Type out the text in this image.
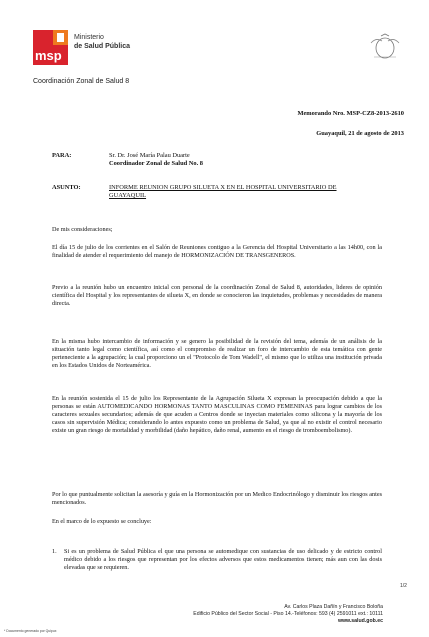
msp
Ministerio
de Salud Pública
Coordinación Zonal de Salud 8
Memorando Nro. MSP-CZ8-2013-2610
Guayaquil, 21 de agosto de 2013
PARA:	Sr. Dr. José María Palau Duarte
Coordinador Zonal de Salud No. 8
ASUNTO:	INFORME REUNION GRUPO SILUETA X EN EL HOSPITAL UNIVERSITARIO DE GUAYAQUIL

De mis consideraciones;

El día 15 de julio de los corrientes en el Salón de Reuniones contiguo a la Gerencia del Hospital Universitario a las 14h00, con la finalidad de atender el requerimiento del manejo de HORMONIZACIÓN DE TRANSGENEROS.

Previo a la reunión hubo un encuentro inicial con personal de la coordinación Zonal de Salud 8, autoridades, lideres de opinión científica del Hospital y los representantes de silueta X, en donde se conocieron las inquietudes, problemas y necesidades de manera directa.

En la misma hubo intercambio de información y se genero la posibilidad de la revisión del tema, además de un análisis de la situación tanto legal como científica, así como el compromiso de realizar un foro de intercambio de esta temática con gente perteneciente a la agrupación; la cual proporciono un el "Protocolo de Tom Wadell", el mismo que lo utiliza una institución privada en los Estados Unidos de Norteamérica.

En la reunión sostenida el 15 de julio los Representante de la Agrupación Silueta X expresan la preocupación debido a que la personas se están AUTOMEDICANDO HORMONAS TANTO MASCULINAS COMO FEMENINAS para lograr cambios de los caracteres sexuales secundarios; además de que acuden a Centros donde se inyectan materiales como silicona y la mayoría de los casos sin supervisión Médica; considerando lo antes expuesto como un problema de Salud, ya que al no existir el control necesario existe un gran riesgo de mortalidad y morbilidad (daño hepático, daño renal, aumento en el riesgo de tromboembolismo).

Por lo que puntualmente solicitan la asesoría y guía en la Hormonización por un Medico Endocrinólogo y disminuir los riesgos antes mencionados.

En el marco de lo expuesto se concluye:

1. Si es un problema de Salud Pública el que una persona se automedique con sustancias de uso delicado y de estricto control médico debido a los riesgos que representan por los efectos adversos que estos medicamentos tienen; más aun con las dosis elevadas que se requieren.
1/2
Av. Carlos Plaza Dañín y Francisco Boloña
Edificio Público del Sector Social - Piso 14.-Teléfonos: 593 (4) 2591011 ext.: 10111
www.salud.gob.ec
* Documento generado por Quipux
